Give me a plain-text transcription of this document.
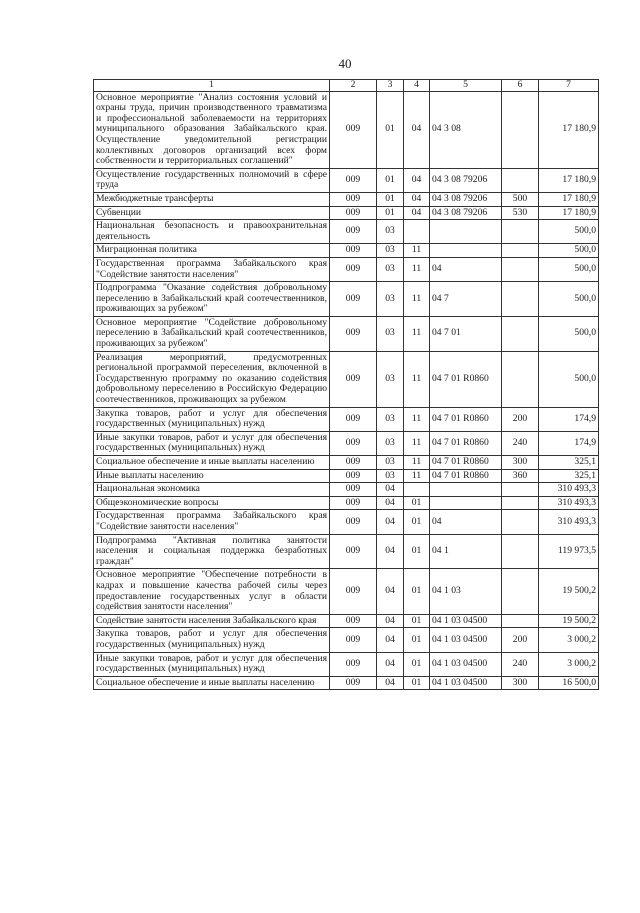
40
1	2	3	4	5	6	7
Основное мероприятие "Анализ состояния условий и охраны труда, причин производственного травматизма и профессиональной заболеваемости на территориях муниципального образования Забайкальского края. Осуществление уведомительной регистрации коллективных договоров организаций всех форм собственности и территориальных соглашений"	009	01	04	04 3 08		17 180,9
Осуществление государственных полномочий в сфере труда	009	01	04	04 3 08 79206		17 180,9
Межбюджетные трансферты	009	01	04	04 3 08 79206	500	17 180,9
Субвенции	009	01	04	04 3 08 79206	530	17 180,9
Национальная безопасность и правоохранительная деятельность	009	03				500,0
Миграционная политика	009	03	11			500,0
Государственная программа Забайкальского края "Содействие занятости населения"	009	03	11	04		500,0
Подпрограмма "Оказание содействия добровольному переселению в Забайкальский край соотечественников, проживающих за рубежом"	009	03	11	04 7		500,0
Основное мероприятие "Содействие добровольному переселению в Забайкальский край соотечественников, проживающих за рубежом"	009	03	11	04 7 01		500,0
Реализация мероприятий, предусмотренных региональной программой переселения, включенной в Государственную программу по оказанию содействия добровольному переселению в Российскую Федерацию соотечественников, проживающих за рубежом	009	03	11	04 7 01 R0860		500,0
Закупка товаров, работ и услуг для обеспечения государственных (муниципальных) нужд	009	03	11	04 7 01 R0860	200	174,9
Иные закупки товаров, работ и услуг для обеспечения государственных (муниципальных) нужд	009	03	11	04 7 01 R0860	240	174,9
Социальное обеспечение и иные выплаты населению	009	03	11	04 7 01 R0860	300	325,1
Иные выплаты населению	009	03	11	04 7 01 R0860	360	325,1
Национальная экономика	009	04				310 493,3
Общеэкономические вопросы	009	04	01			310 493,3
Государственная программа Забайкальского края "Содействие занятости населения"	009	04	01	04		310 493,3
Подпрограмма "Активная политика занятости населения и социальная поддержка безработных граждан"	009	04	01	04 1		119 973,5
Основное мероприятие "Обеспечение потребности в кадрах и повышение качества рабочей силы через предоставление государственных услуг в области содействия занятости населения"	009	04	01	04 1 03		19 500,2
Содействие занятости населения Забайкальского края	009	04	01	04 1 03 04500		19 500,2
Закупка товаров, работ и услуг для обеспечения государственных (муниципальных) нужд	009	04	01	04 1 03 04500	200	3 000,2
Иные закупки товаров, работ и услуг для обеспечения государственных (муниципальных) нужд	009	04	01	04 1 03 04500	240	3 000,2
Социальное обеспечение и иные выплаты населению	009	04	01	04 1 03 04500	300	16 500,0
